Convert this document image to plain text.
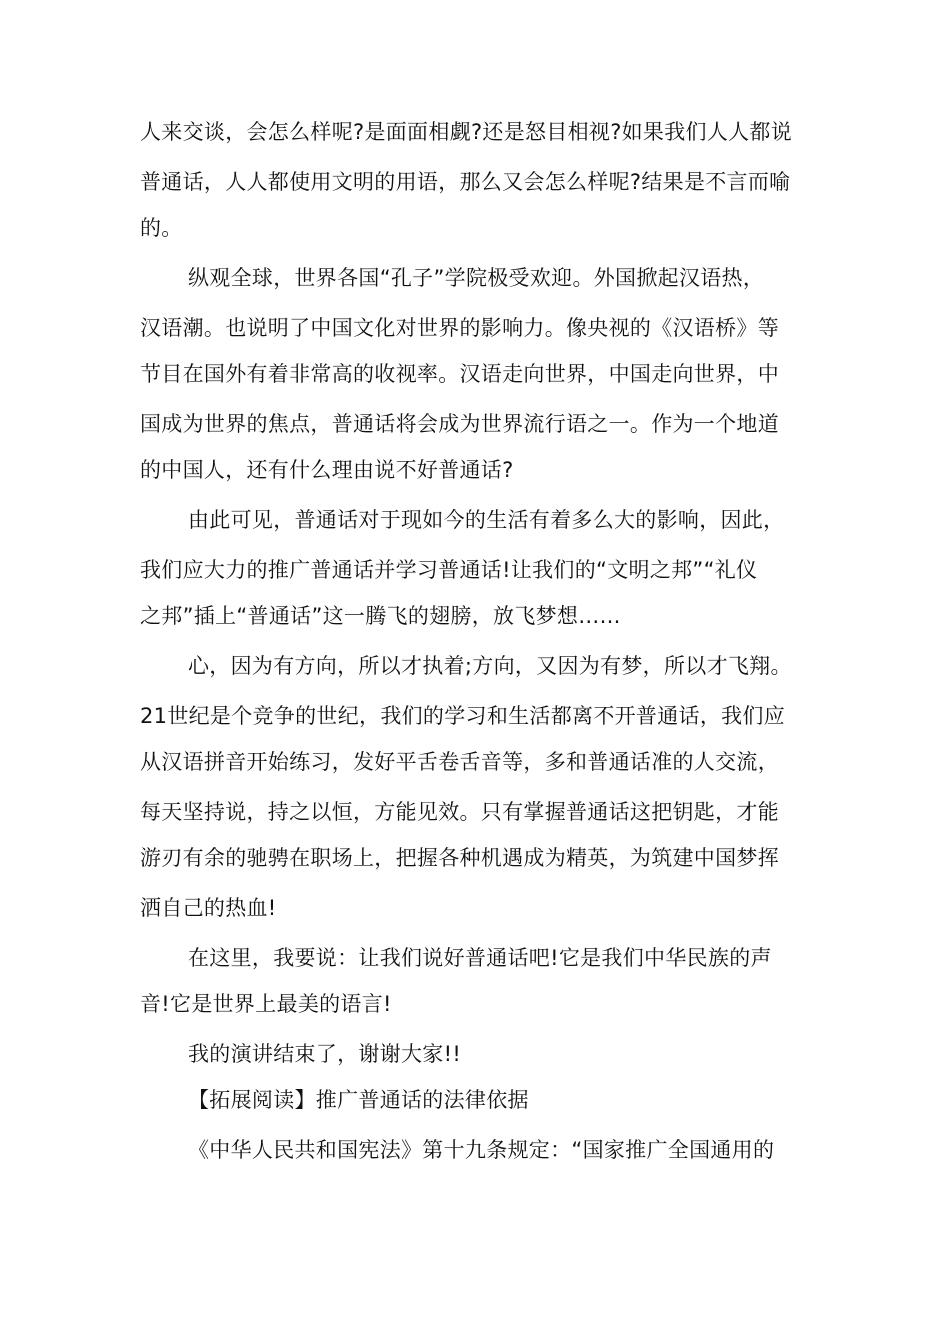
人来交谈，会怎么样呢?是面面相觑?还是怒目相视?如果我们人人都说

普通话，人人都使用文明的用语，那么又会怎么样呢?结果是不言而喻

的。

纵观全球，世界各国“孔子”学院极受欢迎。外国掀起汉语热，

汉语潮。也说明了中国文化对世界的影响力。像央视的《汉语桥》等

节目在国外有着非常高的收视率。汉语走向世界，中国走向世界，中

国成为世界的焦点，普通话将会成为世界流行语之一。作为一个地道

的中国人，还有什么理由说不好普通话?

由此可见，普通话对于现如今的生活有着多么大的影响，因此，

我们应大力的推广普通话并学习普通话!让我们的“文明之邦”“礼仪

之邦”插上“普通话”这一腾飞的翅膀，放飞梦想……

心，因为有方向，所以才执着;方向，又因为有梦，所以才飞翔。

21世纪是个竞争的世纪，我们的学习和生活都离不开普通话，我们应

从汉语拼音开始练习，发好平舌卷舌音等，多和普通话准的人交流，

每天坚持说，持之以恒，方能见效。只有掌握普通话这把钥匙，才能

游刃有余的驰骋在职场上，把握各种机遇成为精英，为筑建中国梦挥

洒自己的热血!

在这里，我要说：让我们说好普通话吧!它是我们中华民族的声

音!它是世界上最美的语言!

我的演讲结束了，谢谢大家!!

【拓展阅读】推广普通话的法律依据

《中华人民共和国宪法》第十九条规定：“国家推广全国通用的
